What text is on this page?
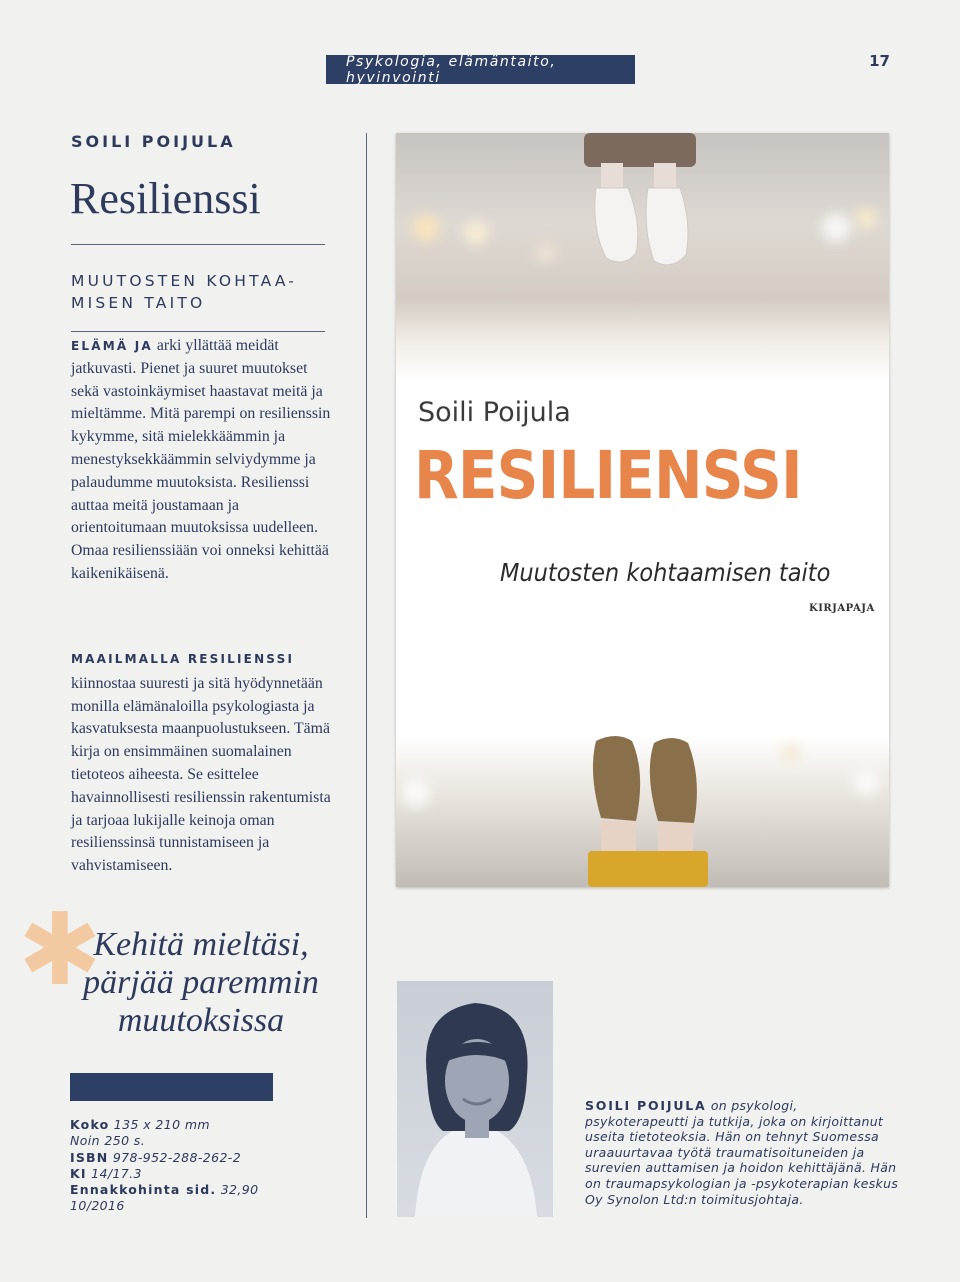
Psykologia, elämäntaito, hyvinvointi
17
SOILI POIJULA
Resilienssi
MUUTOSTEN KOHTAA-MISEN TAITO
ELÄMÄ JA arki yllättää meidät jatkuvasti. Pienet ja suuret muutokset sekä vastoinkäymiset haastavat meitä ja mieltämme. Mitä parempi on resilienssin kykymme, sitä mielekkäämmin ja menestyksekkäämmin selviydymme ja palaudumme muutoksista. Resilienssi auttaa meitä joustamaan ja orientoitumaan muutoksissa uudelleen. Omaa resilienssiään voi onneksi kehittää kaikenikäisenä.
MAAILMALLA RESILIENSSI
kiinnostaa suuresti ja sitä hyödynnetään monilla elämänaloilla psykologiasta ja kasvatuksesta maanpuolustukseen. Tämä kirja on ensimmäinen suomalainen tietoteos aiheesta. Se esittelee havainnollisesti resilienssin rakentumista ja tarjoaa lukijalle keinoja oman resilienssinsä tunnistamiseen ja vahvistamiseen.
Soili Poijula
RESILIENSSI
Muutosten kohtaamisen taito
KIRJAPAJA
✱
Kehitä mieltäsi,
pärjää paremmin
muutoksissa
Koko 135 x 210 mm
Noin 250 s.
ISBN 978-952-288-262-2
KI 14/17.3
Ennakkohinta sid. 32,90
10/2016
SOILI POIJULA on psykologi, psykoterapeutti ja tutkija, joka on kirjoittanut useita tietoteoksia. Hän on tehnyt Suomessa uraauurtavaa työtä traumatisoituneiden ja surevien auttamisen ja hoidon kehittäjänä. Hän on traumapsykologian ja -psykoterapian keskus Oy Synolon Ltd:n toimitusjohtaja.
